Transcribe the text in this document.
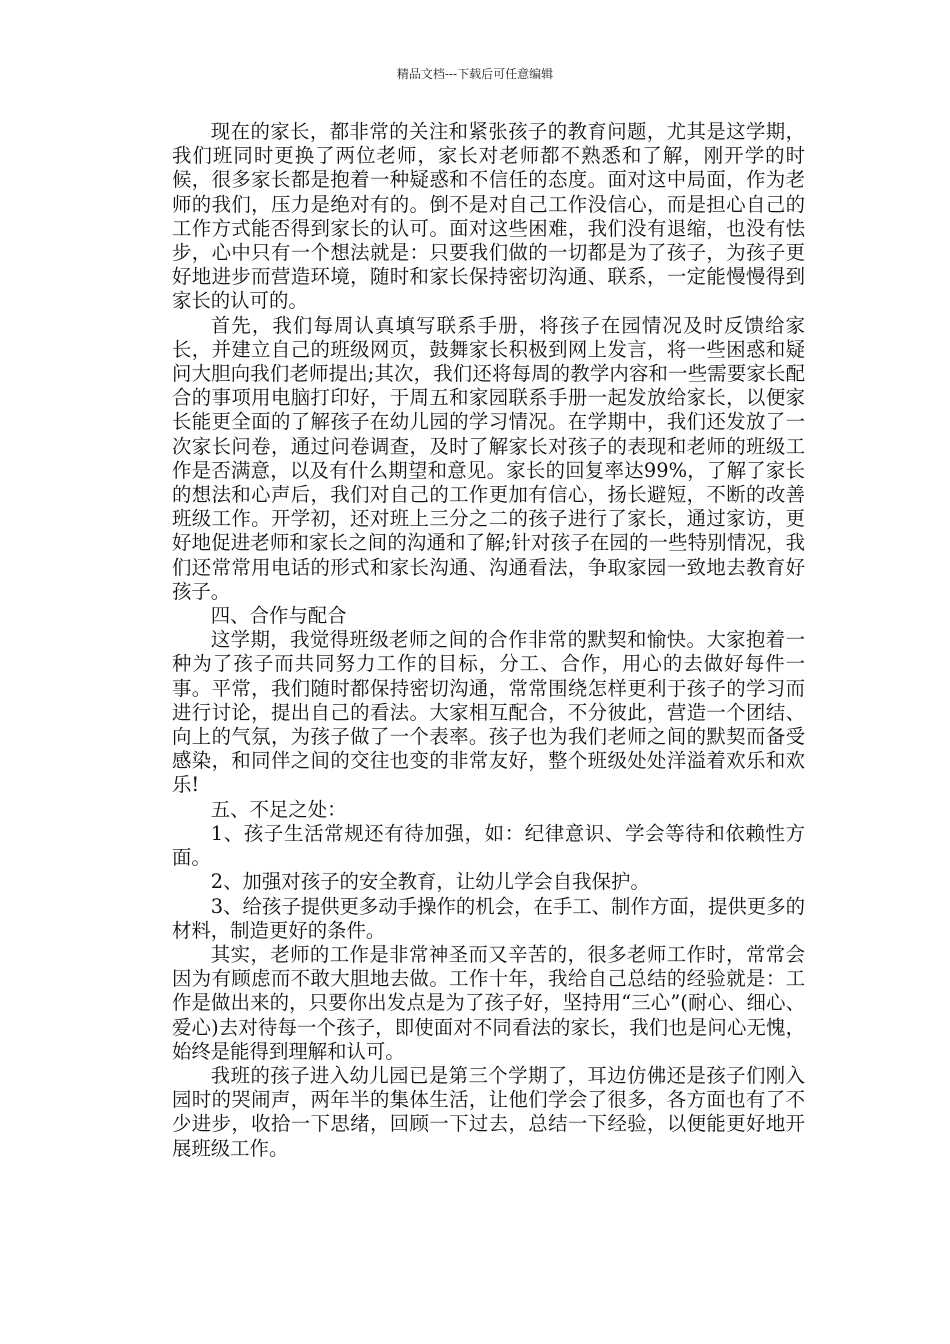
精品文档---下载后可任意编辑

现在的家长，都非常的关注和紧张孩子的教育问题，尤其是这学期，我们班同时更换了两位老师，家长对老师都不熟悉和了解，刚开学的时候，很多家长都是抱着一种疑惑和不信任的态度。面对这中局面，作为老师的我们，压力是绝对有的。倒不是对自己工作没信心，而是担心自己的工作方式能否得到家长的认可。面对这些困难，我们没有退缩，也没有怯步，心中只有一个想法就是：只要我们做的一切都是为了孩子，为孩子更好地进步而营造环境，随时和家长保持密切沟通、联系，一定能慢慢得到家长的认可的。

首先，我们每周认真填写联系手册，将孩子在园情况及时反馈给家长，并建立自己的班级网页，鼓舞家长积极到网上发言，将一些困惑和疑问大胆向我们老师提出;其次，我们还将每周的教学内容和一些需要家长配合的事项用电脑打印好，于周五和家园联系手册一起发放给家长，以便家长能更全面的了解孩子在幼儿园的学习情况。在学期中，我们还发放了一次家长问卷，通过问卷调查，及时了解家长对孩子的表现和老师的班级工作是否满意，以及有什么期望和意见。家长的回复率达99%，了解了家长的想法和心声后，我们对自己的工作更加有信心，扬长避短，不断的改善班级工作。开学初，还对班上三分之二的孩子进行了家长，通过家访，更好地促进老师和家长之间的沟通和了解;针对孩子在园的一些特别情况，我们还常常用电话的形式和家长沟通、沟通看法，争取家园一致地去教育好孩子。

四、合作与配合

这学期，我觉得班级老师之间的合作非常的默契和愉快。大家抱着一种为了孩子而共同努力工作的目标，分工、合作，用心的去做好每件一事。平常，我们随时都保持密切沟通，常常围绕怎样更利于孩子的学习而进行讨论，提出自己的看法。大家相互配合，不分彼此，营造一个团结、向上的气氛，为孩子做了一个表率。孩子也为我们老师之间的默契而备受感染，和同伴之间的交往也变的非常友好，整个班级处处洋溢着欢乐和欢乐!

五、不足之处：

1、孩子生活常规还有待加强，如：纪律意识、学会等待和依赖性方面。

2、加强对孩子的安全教育，让幼儿学会自我保护。

3、给孩子提供更多动手操作的机会，在手工、制作方面，提供更多的材料，制造更好的条件。

其实，老师的工作是非常神圣而又辛苦的，很多老师工作时，常常会因为有顾虑而不敢大胆地去做。工作十年，我给自己总结的经验就是：工作是做出来的，只要你出发点是为了孩子好，坚持用“三心”(耐心、细心、爱心)去对待每一个孩子，即使面对不同看法的家长，我们也是问心无愧，始终是能得到理解和认可。

我班的孩子进入幼儿园已是第三个学期了，耳边仿佛还是孩子们刚入园时的哭闹声，两年半的集体生活，让他们学会了很多，各方面也有了不少进步，收拾一下思绪，回顾一下过去，总结一下经验，以便能更好地开展班级工作。
